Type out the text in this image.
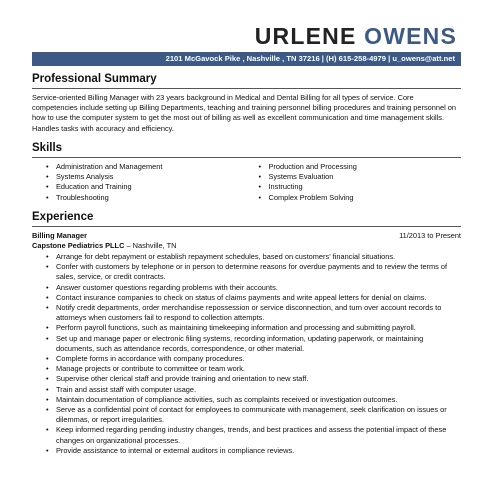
URLENE OWENS
2101 McGavock Pike , Nashville , TN 37216 | (H) 615-258-4979 | u_owens@att.net
Professional Summary
Service-oriented Billing Manager with 23 years background in Medical and Dental Billing for all types of service. Core competencies include setting up Billing Departments, teaching and training personnel billing procedures and training personnel on how to use the computer system to get the most out of billing as well as excellent communication and time management skills. Handles tasks with accuracy and efficiency.
Skills
• Administration and Management	• Production and Processing
• Systems Analysis	• Systems Evaluation
• Education and Training	• Instructing
• Troubleshooting	• Complex Problem Solving
Experience
Billing Manager	11/2013 to Present
Capstone Pediatrics PLLC – Nashville, TN
• Arrange for debt repayment or establish repayment schedules, based on customers' financial situations.
• Confer with customers by telephone or in person to determine reasons for overdue payments and to review the terms of sales, service, or credit contracts.
• Answer customer questions regarding problems with their accounts.
• Contact insurance companies to check on status of claims payments and write appeal letters for denial on claims.
• Notify credit departments, order merchandise repossession or service disconnection, and turn over account records to attorneys when customers fail to respond to collection attempts.
• Perform payroll functions, such as maintaining timekeeping information and processing and submitting payroll.
• Set up and manage paper or electronic filing systems, recording information, updating paperwork, or maintaining documents, such as attendance records, correspondence, or other material.
• Complete forms in accordance with company procedures.
• Manage projects or contribute to committee or team work.
• Supervise other clerical staff and provide training and orientation to new staff.
• Train and assist staff with computer usage.
• Maintain documentation of compliance activities, such as complaints received or investigation outcomes.
• Serve as a confidential point of contact for employees to communicate with management, seek clarification on issues or dilemmas, or report irregularities.
• Keep informed regarding pending industry changes, trends, and best practices and assess the potential impact of these changes on organizational processes.
• Provide assistance to internal or external auditors in compliance reviews.
